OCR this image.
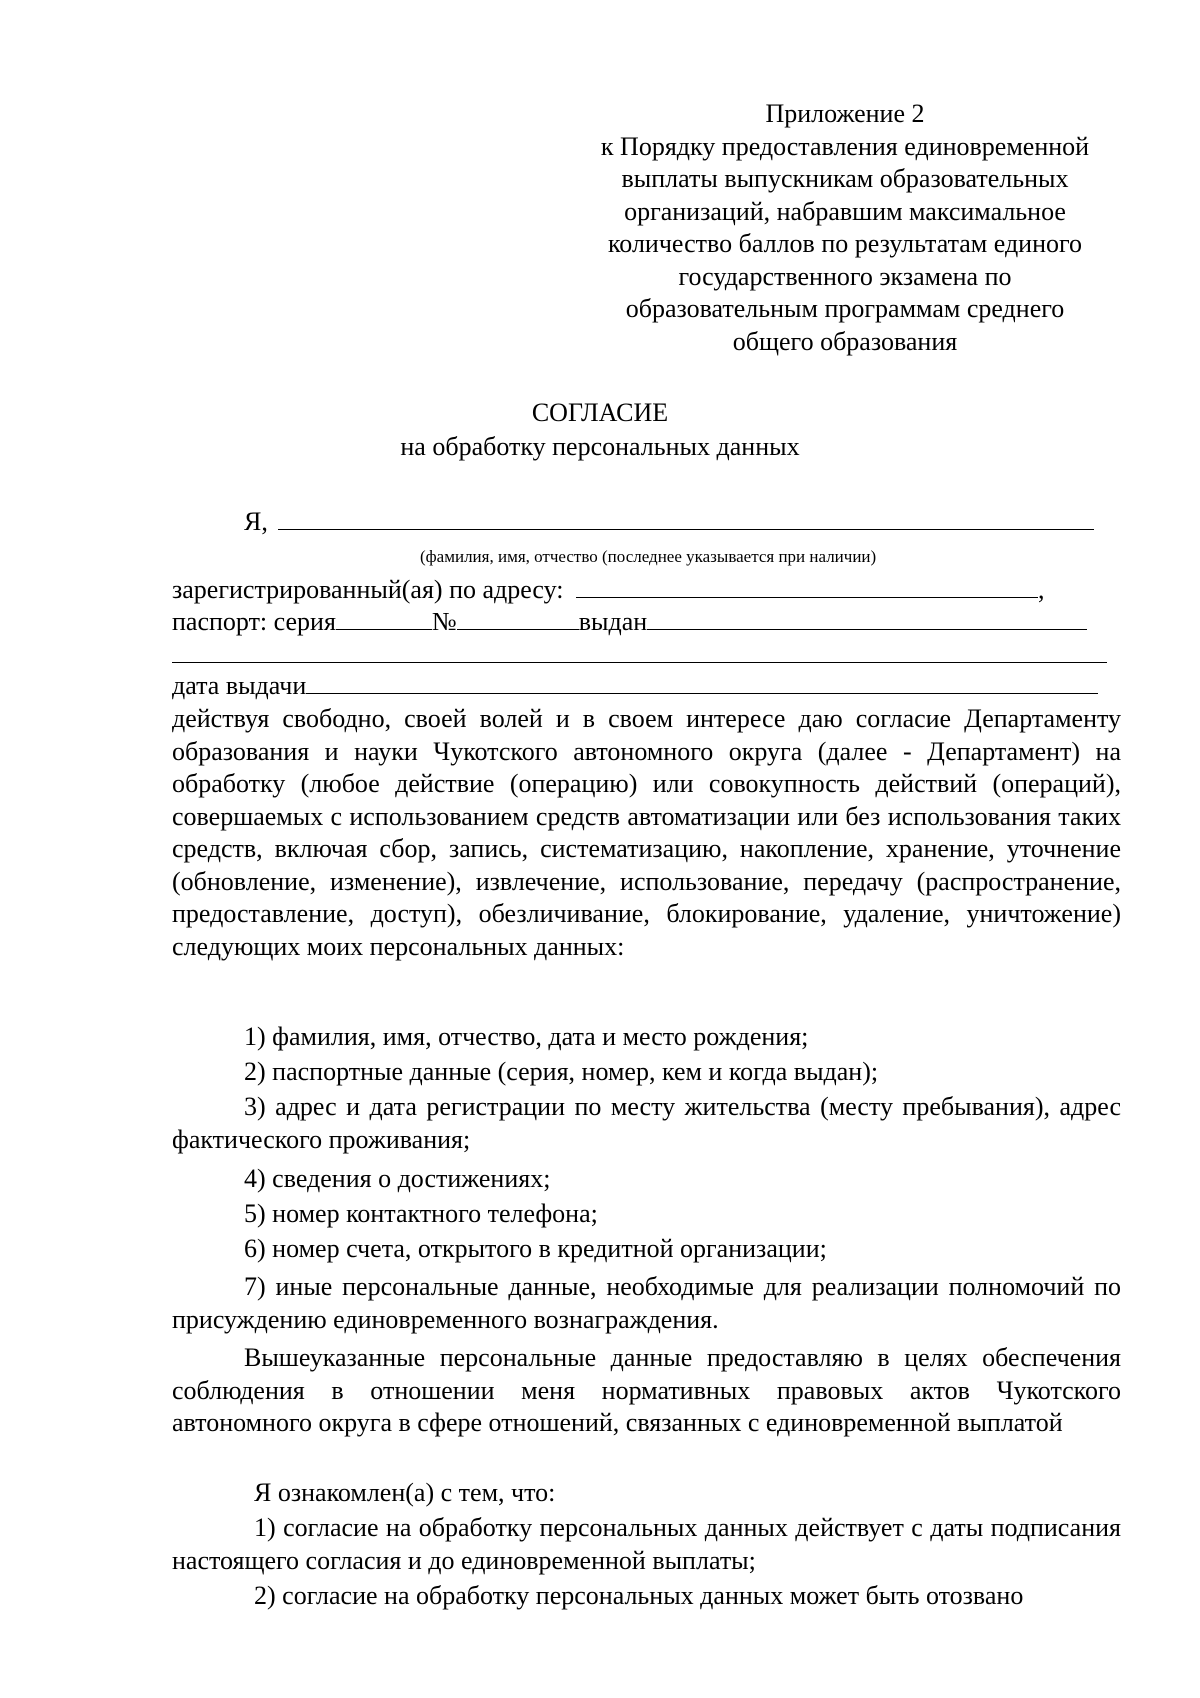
Приложение 2
к Порядку предоставления единовременной
выплаты выпускникам образовательных
организаций, набравшим максимальное
количество баллов по результатам единого
государственного экзамена по
образовательным программам среднего
общего образования
СОГЛАСИЕ
на обработку персональных данных
Я,
(фамилия, имя, отчество (последнее указывается при наличии)
зарегистрированный(ая) по адресу:	,
паспорт: серия	№	выдан
дата выдачи
действуя свободно, своей волей и в своем интересе даю согласие Департаменту образования и науки Чукотского автономного округа (далее - Департамент) на обработку (любое действие (операцию) или совокупность действий (операций), совершаемых с использованием средств автоматизации или без использования таких средств, включая сбор, запись, систематизацию, накопление, хранение, уточнение (обновление, изменение), извлечение, использование, передачу (распространение, предоставление, доступ), обезличивание, блокирование, удаление, уничтожение) следующих моих персональных данных:
1) фамилия, имя, отчество, дата и место рождения;
2) паспортные данные (серия, номер, кем и когда выдан);
3) адрес и дата регистрации по месту жительства (месту пребывания), адрес фактического проживания;
4) сведения о достижениях;
5) номер контактного телефона;
6) номер счета, открытого в кредитной организации;
7) иные персональные данные, необходимые для реализации полномочий по присуждению единовременного вознаграждения.
Вышеуказанные персональные данные предоставляю в целях обеспечения соблюдения в отношении меня нормативных правовых актов Чукотского автономного округа в сфере отношений, связанных с единовременной выплатой
Я ознакомлен(а) с тем, что:
1) согласие на обработку персональных данных действует с даты подписания настоящего согласия и до единовременной выплаты;
2) согласие на обработку персональных данных может быть отозвано
